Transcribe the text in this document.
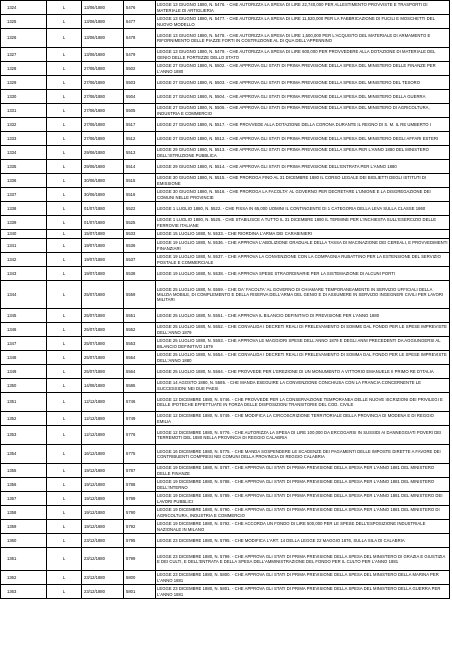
1324	L	13/06/1880	5476	LEGGE 13 GIUGNO 1880, N. 5476. - CHE AUTORIZZA LA SPESA DI LIRE 22,740,000 PER ALLESTIMENTO PROVVISTE E TRASPORTI DI MATERIALE DI ARTIGLIERIA
1325	L	13/06/1880	5477	LEGGE 13 GIUGNO 1880, N. 5477. - CHE AUTORIZZA LA SPESA DI LIRE 11,520,000 PER LA FABBRICAZIONE DI FUCILI E MOSCHETTI DEL NUOVO MODELLO
1326	L	13/06/1880	5478	LEGGE 13 GIUGNO 1880, N. 5478. - CHE AUTORIZZA LA SPESA DI LIRE 1,500,000 PER L'ACQUISTO DEL MATERIALE DI ARMAMENTO E RIFORNIMENTO DELLE PIAZZE FORTI IN COSTRUZIONE AL DI QUA DELL'APPENNINO
1327	L	13/06/1880	5479	LEGGE 13 GIUGNO 1880, N. 5479. - CHE AUTORIZZA LA SPESA DI LIRE 600,000 PER PROVVEDERE ALLA DOTAZIONE DI MATERIALE DEL GENIO DELLE FORTEZZE DELLO STATO
1328	L	27/06/1880	5502	LEGGE 27 GIUGNO 1880, N. 5502. - CHE APPROVA GLI STATI DI PRIMA PREVISIONE DELLA SPESA DEL MINISTERO DELLE FINANZE PER L'ANNO 1880
1329	L	27/06/1880	5503	LEGGE 27 GIUGNO 1880, N. 5503. - CHE APPROVA GLI STATI DI PRIMA PREVISIONE DELLA SPESA DEL MINISTERO DEL TESORO
1330	L	27/06/1880	5504	LEGGE 27 GIUGNO 1880, N. 5504. - CHE APPROVA GLI STATI DI PRIMA PREVISIONE DELLA SPESA DEL MINISTERO DELLA GUERRA
1331	L	27/06/1880	5505	LEGGE 27 GIUGNO 1880, N. 5505. - CHE APPROVA GLI STATI DI PRIMA PREVISIONE DELLA SPESA DEL MINISTERO DI AGRICOLTURA, INDUSTRIA E COMMERCIO
1332	L	27/06/1880	5517	LEGGE 27 GIUGNO 1880, N. 5517. - CHE PROVVEDE ALLA DOTAZIONE DELLA CORONA DURANTE IL REGNO DI S. M. IL RE UMBERTO I
1333	L	27/06/1880	5512	LEGGE 27 GIUGNO 1880, N. 5512. - CHE APPROVA GLI STATI DI PRIMA PREVISIONE DELLA SPESA DEL MINISTERO DEGLI AFFARI ESTERI
1334	L	29/06/1880	5513	LEGGE 29 GIUGNO 1880, N. 5513. - CHE APPROVA GLI STATI DI PRIMA PREVISIONE DELLA SPESA PER L'ANNO 1880 DEL MINISTERO DELL'ISTRUZIONE PUBBLICA
1335	L	29/06/1880	5514	LEGGE 29 GIUGNO 1880, N. 5514. - CHE APPROVA GLI STATI DI PRIMA PREVISIONE DELL'ENTRATA PER L'ANNO 1880
1336	L	30/06/1880	5515	LEGGE 30 GIUGNO 1880, N. 5515. - CHE PROROGA FINO AL 31 DICEMBRE 1880 IL CORSO LEGALE DEI BIGLIETTI DEGLI ISTITUTI DI EMISSIONE
1337	L	30/06/1880	5516	LEGGE 30 GIUGNO 1880, N. 5516. - CHE PROROGA LA FACOLTA' AL GOVERNO PER DECRETARE L'UNIONE E LA DISGREGAZIONE DEI COMUNI NELLE PROVINCIE
1338	L	01/07/1880	5522	LEGGE 1 LUGLIO 1880, N. 5522. - CHE FISSA IN 65,000 UOMINI IL CONTINGENTE DI 1 CATEGORIA DELLA LEVA SULLA CLASSE 1860
1339	L	01/07/1880	5525	LEGGE 1 LUGLIO 1880, N. 5525. - CHE STABILISCE A TUTTO IL 31 DICEMBRE 1880 IL TERMINE PER L'INCHIESTA SULL'ESERCIZIO DELLE FERROVIE ITALIANE
1340	L	15/07/1880	5533	LEGGE 15 LUGLIO 1880, N. 5533. - CHE RIORDINA L'ARMA DEI CARABINIERI
1341	L	19/07/1880	5536	LEGGE 19 LUGLIO 1880, N. 5536. - CHE APPROVA L'ABOLIZIONE GRADUALE DELLA TASSA DI MACINAZIONE DEI CEREALI, E PROVVEDIMENTI FINANZIARI
1342	L	19/07/1880	5537	LEGGE 19 LUGLIO 1880, N. 5537. - CHE APPROVA LA CONVENZIONE CON LA COMPAGNIA RUBATTINO PER LA ESTENSIONE DEL SERVIZIO POSTALE E COMMERCIALE
1343	L	19/07/1880	5538	LEGGE 19 LUGLIO 1880, N. 5538. - CHE APPROVA SPESE STRAORDINARIE PER LA SISTEMAZIONE DI ALCUNI PORTI
1344	L	25/07/1880	5559	LEGGE 25 LUGLIO 1880, N. 5559. - CHE DA' FACOLTA' AL GOVERNO DI CHIAMARE TEMPORANEAMENTE IN SERVIZIO UFFICIALI DELLA MILIZIA MOBILE, DI COMPLEMENTO E DELLA RISERVA DELL'ARMA DEL GENIO E DI ASSUMERE IN SERVIZIO INGEGNERI CIVILI PER LAVORI MILITARI
1345	L	25/07/1880	5551	LEGGE 25 LUGLIO 1880, N. 5551. - CHE APPROVA IL BILANCIO DEFINITIVO DI PREVISIONE PER L'ANNO 1880
1346	L	25/07/1880	5552	LEGGE 25 LUGLIO 1880, N. 5552. - CHE CONVALIDA I DECRETI REALI DI PRELEVAMENTO DI SOMME DAL FONDO PER LE SPESE IMPREVISTE DELL'ANNO 1879
1347	L	25/07/1880	5553	LEGGE 25 LUGLIO 1880, N. 5553. - CHE APPROVA LE MAGGIORI SPESE DELL'ANNO 1879 E DEGLI ANNI PRECEDENTI DA AGGIUNGERSI AL BILANCIO DEFINITIVO 1879
1348	L	25/07/1880	5554	LEGGE 25 LUGLIO 1880, N. 5554. - CHE CONVALIDA I DECRETI REALI DI PRELEVAMENTO DI SOMMA DAL FONDO PER LE SPESE IMPREVISTE DELL'ANNO 1880
1349	L	25/07/1880	5564	LEGGE 25 LUGLIO 1880, N. 5564. - CHE PROVVEDE PER L'EREZIONE DI UN MONUMENTO A VITTORIO EMANUELE II PRIMO RE D'ITALIA
1350	L	14/08/1880	5585	LEGGE 14 AGOSTO 1880, N. 5585. - CHE MANDA ESEGUIRE LA CONVENZIONE CONCHIUSA CON LA FRANCIA CONCERNENTE LE SUCCESSIONI NEI DUE PAESI
1351	L	12/12/1880	5746	LEGGE 12 DICEMBRE 1880, N. 5746. - CHE PROVVEDE PER LA CONSERVAZIONE TEMPORANEA DELLE NUOVE ISCRIZIONI DEI PRIVILEGI E DELLE IPOTECHE EFFETTUATE IN FORZA DELLE DISPOSIZIONI TRANSITORIE DEL COD. CIVILE
1352	L	12/12/1880	5749	LEGGE 12 DICEMBRE 1880, N. 5749. - CHE MODIFICA LA CIRCOSCRIZIONE TERRITORIALE DELLA PROVINCIA DI MODENA E DI REGGIO EMILIA
1353	L	12/12/1880	5776	LEGGE 12 DICEMBRE 1880, N. 5776. - CHE AUTORIZZA LA SPESA DI LIRE 100,000 DA ERCOGARSI IN SUSSIDI AI DANNEGGIATI POVERI DEI TERREMOTI DEL 1880 NELLA PROVINCIA DI REGGIO CALABRIA
1354	L	16/12/1880	5775	LEGGE 16 DICEMBRE 1880, N. 5775. - CHE MANDA SOSPENDERE LE SCADENZE DEI PAGAMENTI DELLE IMPOSTE DIRETTE A FAVORE DEI CONTRIBUENTI COMPRESI NEI COMUNI DELLA PROVINCIA DI REGGIO CALABRIA
1355	L	19/12/1880	5787	LEGGE 19 DICEMBRE 1880, N. 5787. - CHE APPROVA GLI STATI DI PRIMA PREVISIONE DELLA SPESA PER L'ANNO 1881 DEL MINISTERO DELLE FINANZE
1356	L	19/12/1880	5788	LEGGE 19 DICEMBRE 1880, N. 5788. - CHE APPROVA GLI STATI DI PRIMA PREVISIONE DELLA SPESA PER L'ANNO 1881 DEL MINISTERO DELL'INTERNO
1357	L	19/12/1880	5789	LEGGE 19 DICEMBRE 1880, N. 5789. - CHE APPROVA GLI STATI DI PRIMA PREVISIONE DELLA SPESA PER L'ANNO 1881 DEL MINISTERO DEI LAVORI PUBBLICI
1358	L	19/12/1880	5790	LEGGE 19 DICEMBRE 1880, N. 5790. - CHE APPROVA GLI STATI DI PRIMA PREVISIONE DELLA SPESA PER L'ANNO 1881 DEL MINISTERO DI AGRICOLTURA, INDUSTRIA E COMMERCIO
1359	L	19/12/1880	5792	LEGGE 19 DICEMBRE 1880, N. 5792. - CHE ACCORDA UN FONDO DI LIRE 500,000 PER LE SPESE DELL'ESPOSIZIONE INDUSTRIALE NAZIONALE IN MILANO
1360	L	23/12/1880	5795	LEGGE 23 DICEMBRE 1880, N. 5795. - CHE MODIFICA L'ART. 14 DELLA LEGGE 22 MAGGIO 1876, SULLA SILA DI CALABRIA
1361	L	23/12/1880	5799	LEGGE 23 DICEMBRE 1880, N. 5799. - CHE APPROVA GLI STATI DI PRIMA PREVISIONE DELLA SPESA DEL MINISTERO DI GRAZIA E GIUSTIZIA E DEI CULTI, E DELL'ENTRATA E DELLA SPESA DELL'AMMINISTRAZIONE DEL FONDO PER IL CULTO PER L'ANNO 1881
1362	L	23/12/1880	5800	LEGGE 23 DICEMBRE 1880, N. 5800. - CHE APPROVA GLI STATI DI PRIMA PREVISIONE DELLA SPESA DEL MINISTERO DELLA MARINA PER L'ANNO 1881
1363	L	23/12/1880	5801	LEGGE 23 DICEMBRE 1880, N. 5801. - CHE APPROVA GLI STATI DI PRIMA PREVISIONE DELLA SPESA DEL MINISTERO DELLA GUERRA PER L'ANNO 1881
